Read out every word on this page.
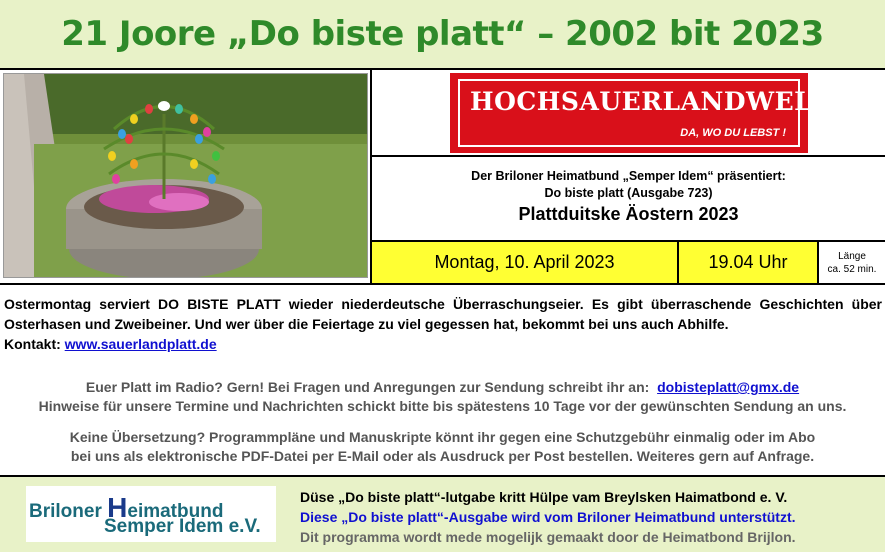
21 Joore „Do biste platt“ – 2002 bit 2023
HOCHSAUERLANDWELLE
DA, WO DU LEBST !
Der Briloner Heimatbund „Semper Idem“ präsentiert:
Do biste platt (Ausgabe 723)
Plattduitske Äostern 2023
Montag, 10. April 2023	19.04 Uhr	Länge
ca. 52 min.
Ostermontag serviert DO BISTE PLATT wieder niederdeutsche Überraschungseier. Es gibt überraschende Geschichten über Osterhasen und Zweibeiner. Und wer über die Feiertage zu viel gegessen hat, bekommt bei uns auch Abhilfe.
Kontakt: www.sauerlandplatt.de
Euer Platt im Radio? Gern! Bei Fragen und Anregungen zur Sendung schreibt ihr an: dobisteplatt@gmx.de
Hinweise für unsere Termine und Nachrichten schickt bitte bis spätestens 10 Tage vor der gewünschten Sendung an uns.
Keine Übersetzung? Programmpläne und Manuskripte könnt ihr gegen eine Schutzgebühr einmalig oder im Abo
bei uns als elektronische PDF-Datei per E-Mail oder als Ausdruck per Post bestellen. Weiteres gern auf Anfrage.
Briloner Heimatbund
Semper Idem e.V.
Düse „Do biste platt“-lutgabe kritt Hülpe vam Breylsken Haimatbond e. V.
Diese „Do biste platt“-Ausgabe wird vom Briloner Heimatbund unterstützt.
Dit programma wordt mede mogelijk gemaakt door de Heimatbond Brijlon.
